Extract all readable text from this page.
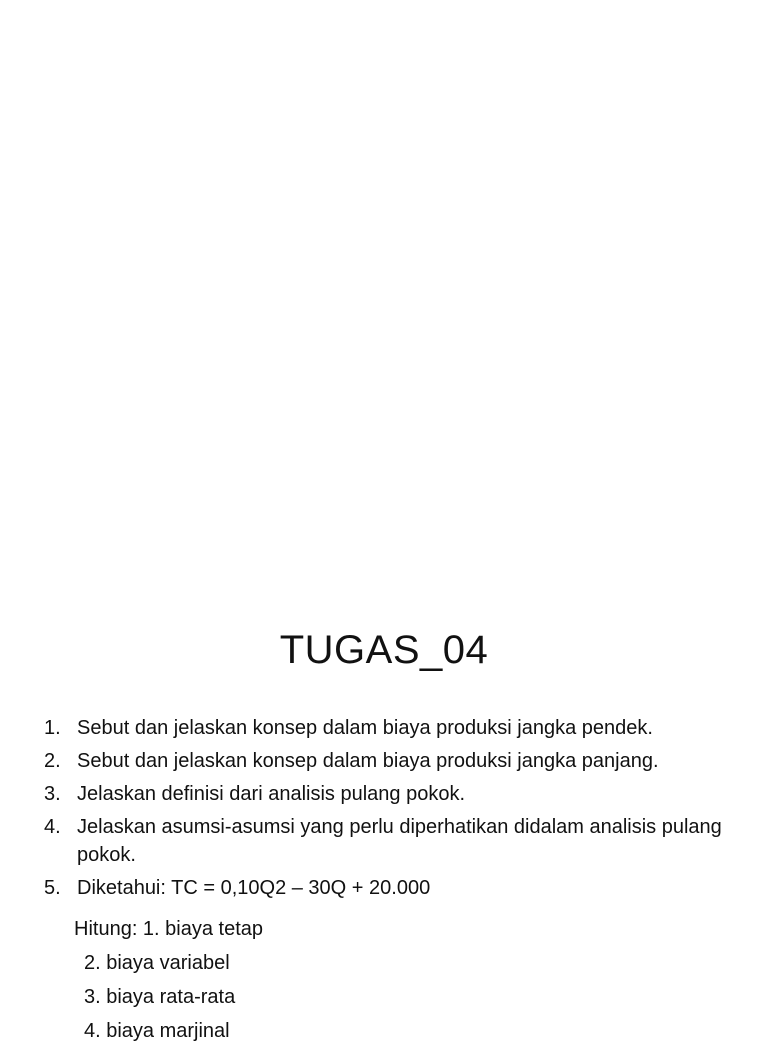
TUGAS_04
1. Sebut dan jelaskan konsep dalam biaya produksi jangka pendek.
2. Sebut dan jelaskan konsep dalam biaya produksi jangka panjang.
3. Jelaskan definisi dari analisis pulang pokok.
4. Jelaskan asumsi-asumsi yang perlu diperhatikan didalam analisis pulang pokok.
5. Diketahui: TC = 0,10Q2 – 30Q + 20.000
Hitung: 1. biaya tetap
2. biaya variabel
3. biaya rata-rata
4. biaya marjinal
